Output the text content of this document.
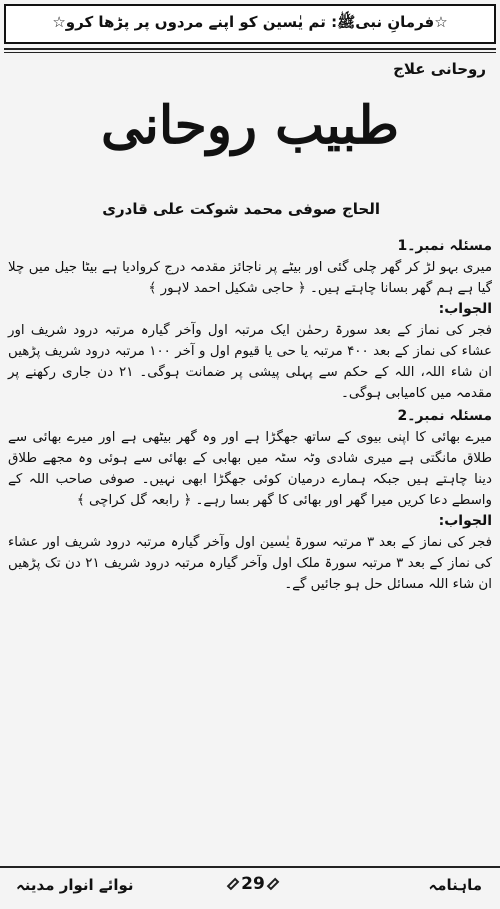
☆فرمانِ نبیﷺ: تم یٰسین کو اپنے مردوں پر پڑھا کرو☆
روحانی علاج
طبیب روحانی
الحاج صوفی محمد شوکت علی قادری
مسئلہ نمبر۔1

میری بہو لڑ کر گھر چلی گئی اور بیٹے پر ناجائز مقدمہ درج کروادیا ہے بیٹا جیل میں چلا گیا ہے ہم گھر بسانا چاہتے ہیں۔ ﴿ حاجی شکیل احمد لاہور ﴾

الجواب:

فجر کی نماز کے بعد سورۃ رحمٰن ایک مرتبہ اول وآخر گیارہ مرتبہ درود شریف اور عشاء کی نماز کے بعد ۴۰۰ مرتبہ یا حی یا قیوم اول و آخر ۱۰۰ مرتبہ درود شریف پڑھیں ان شاء اللہ، اللہ کے حکم سے پہلی پیشی پر ضمانت ہوگی۔ ۲۱ دن جاری رکھنے پر مقدمہ میں کامیابی ہوگی۔

مسئلہ نمبر۔2

میرے بھائی کا اپنی بیوی کے ساتھ جھگڑا ہے اور وہ گھر بیٹھی ہے اور میرے بھائی سے طلاق مانگتی ہے میری شادی وٹہ سٹہ میں بھابی کے بھائی سے ہوئی وہ مجھے طلاق دینا چاہتے ہیں جبکہ ہمارے درمیان کوئی جھگڑا ابھی نہیں۔ صوفی صاحب اللہ کے واسطے دعا کریں میرا گھر اور بھائی کا گھر بسا رہے۔ ﴿ رابعہ گل کراچی ﴾

الجواب:

فجر کی نماز کے بعد ۳ مرتبہ سورۃ یٰسین اول وآخر گیارہ مرتبہ درود شریف اور عشاء کی نماز کے بعد ۳ مرتبہ سورۃ ملک اول وآخر گیارہ مرتبہ درود شریف ۲۱ دن تک پڑھیں ان شاء اللہ مسائل حل ہو جائیں گے۔

ماہنامہ
29
نوائے انوار مدینہ
